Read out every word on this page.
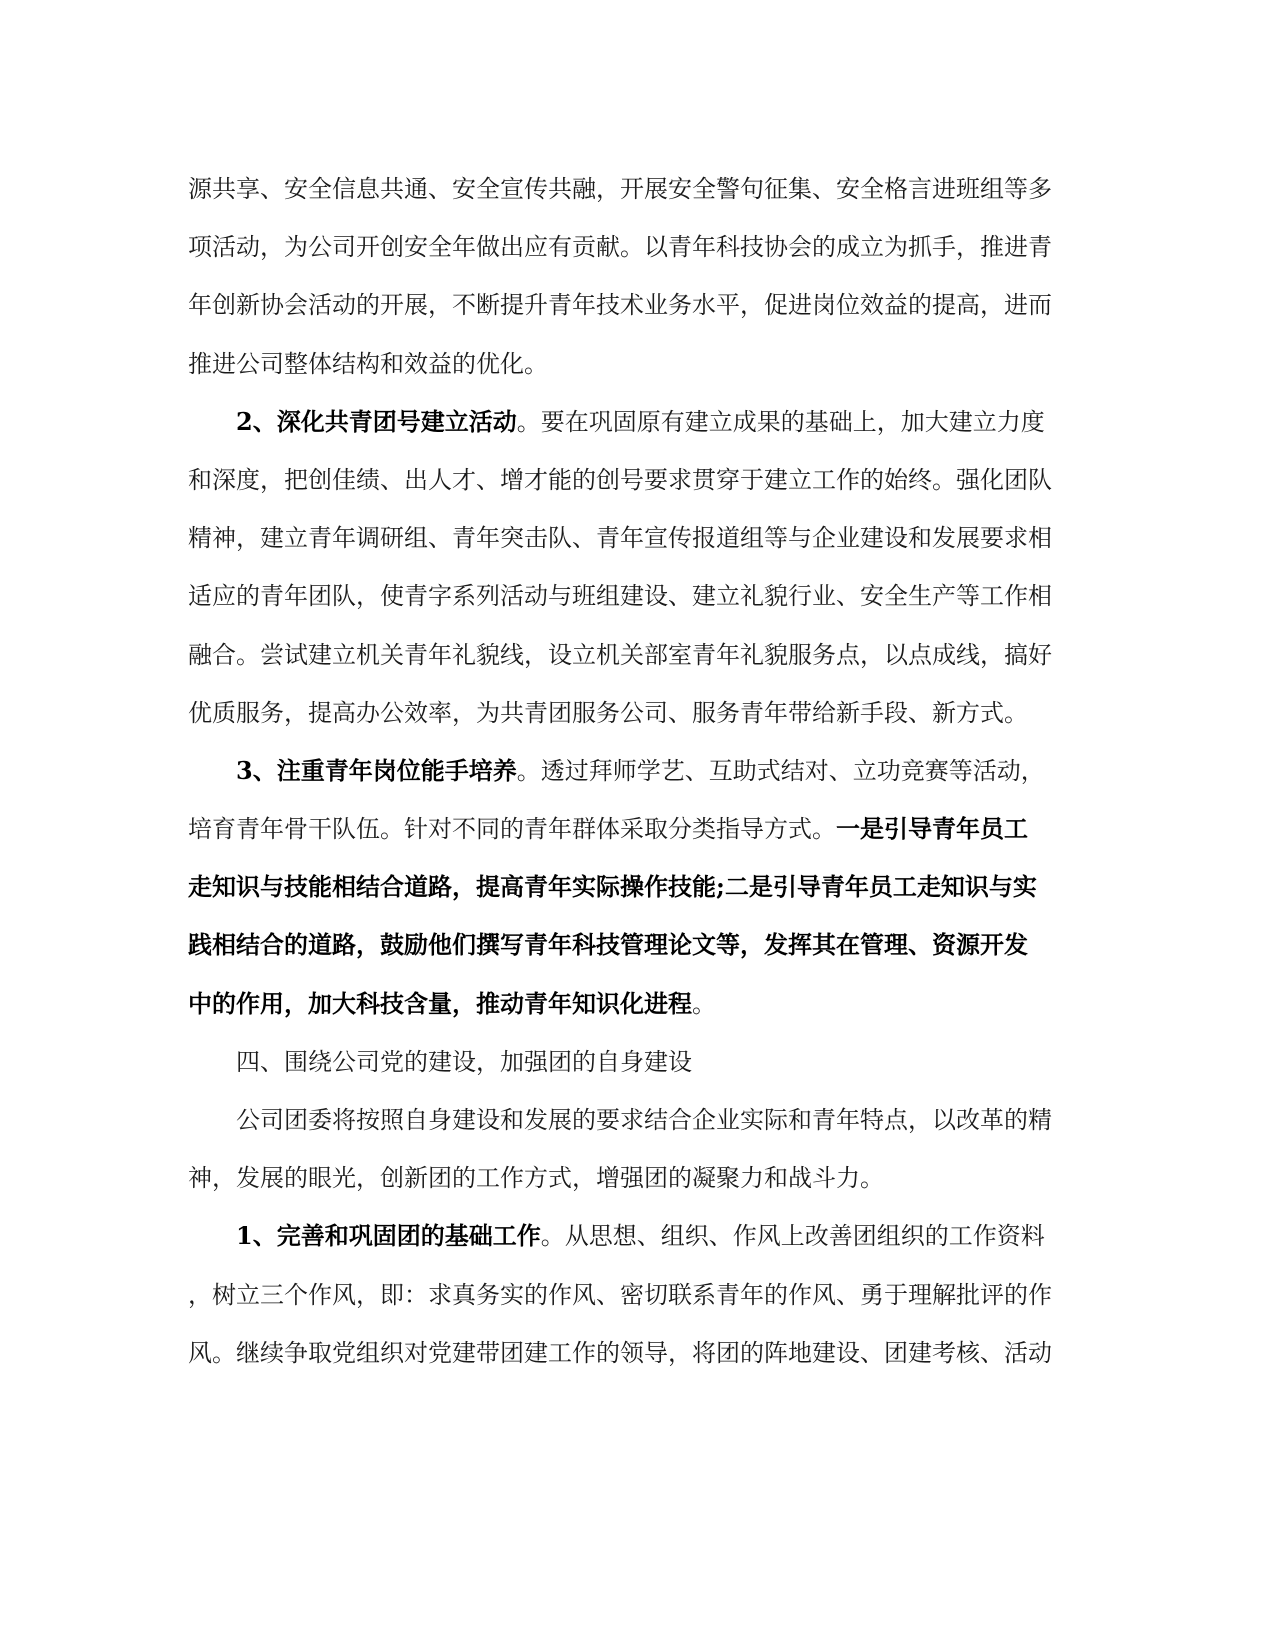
源共享、安全信息共通、安全宣传共融，开展安全警句征集、安全格言进班组等多
项活动，为公司开创安全年做出应有贡献。以青年科技协会的成立为抓手，推进青
年创新协会活动的开展，不断提升青年技术业务水平，促进岗位效益的提高，进而
推进公司整体结构和效益的优化。
2、深化共青团号建立活动。要在巩固原有建立成果的基础上，加大建立力度
和深度，把创佳绩、出人才、增才能的创号要求贯穿于建立工作的始终。强化团队
精神，建立青年调研组、青年突击队、青年宣传报道组等与企业建设和发展要求相
适应的青年团队，使青字系列活动与班组建设、建立礼貌行业、安全生产等工作相
融合。尝试建立机关青年礼貌线，设立机关部室青年礼貌服务点，以点成线，搞好
优质服务，提高办公效率，为共青团服务公司、服务青年带给新手段、新方式。
3、注重青年岗位能手培养。透过拜师学艺、互助式结对、立功竞赛等活动，
培育青年骨干队伍。针对不同的青年群体采取分类指导方式。一是引导青年员工
走知识与技能相结合道路，提高青年实际操作技能;二是引导青年员工走知识与实
践相结合的道路，鼓励他们撰写青年科技管理论文等，发挥其在管理、资源开发
中的作用，加大科技含量，推动青年知识化进程。
四、围绕公司党的建设，加强团的自身建设
公司团委将按照自身建设和发展的要求结合企业实际和青年特点，以改革的精
神，发展的眼光，创新团的工作方式，增强团的凝聚力和战斗力。
1、完善和巩固团的基础工作。从思想、组织、作风上改善团组织的工作资料
，树立三个作风，即：求真务实的作风、密切联系青年的作风、勇于理解批评的作
风。继续争取党组织对党建带团建工作的领导，将团的阵地建设、团建考核、活动
